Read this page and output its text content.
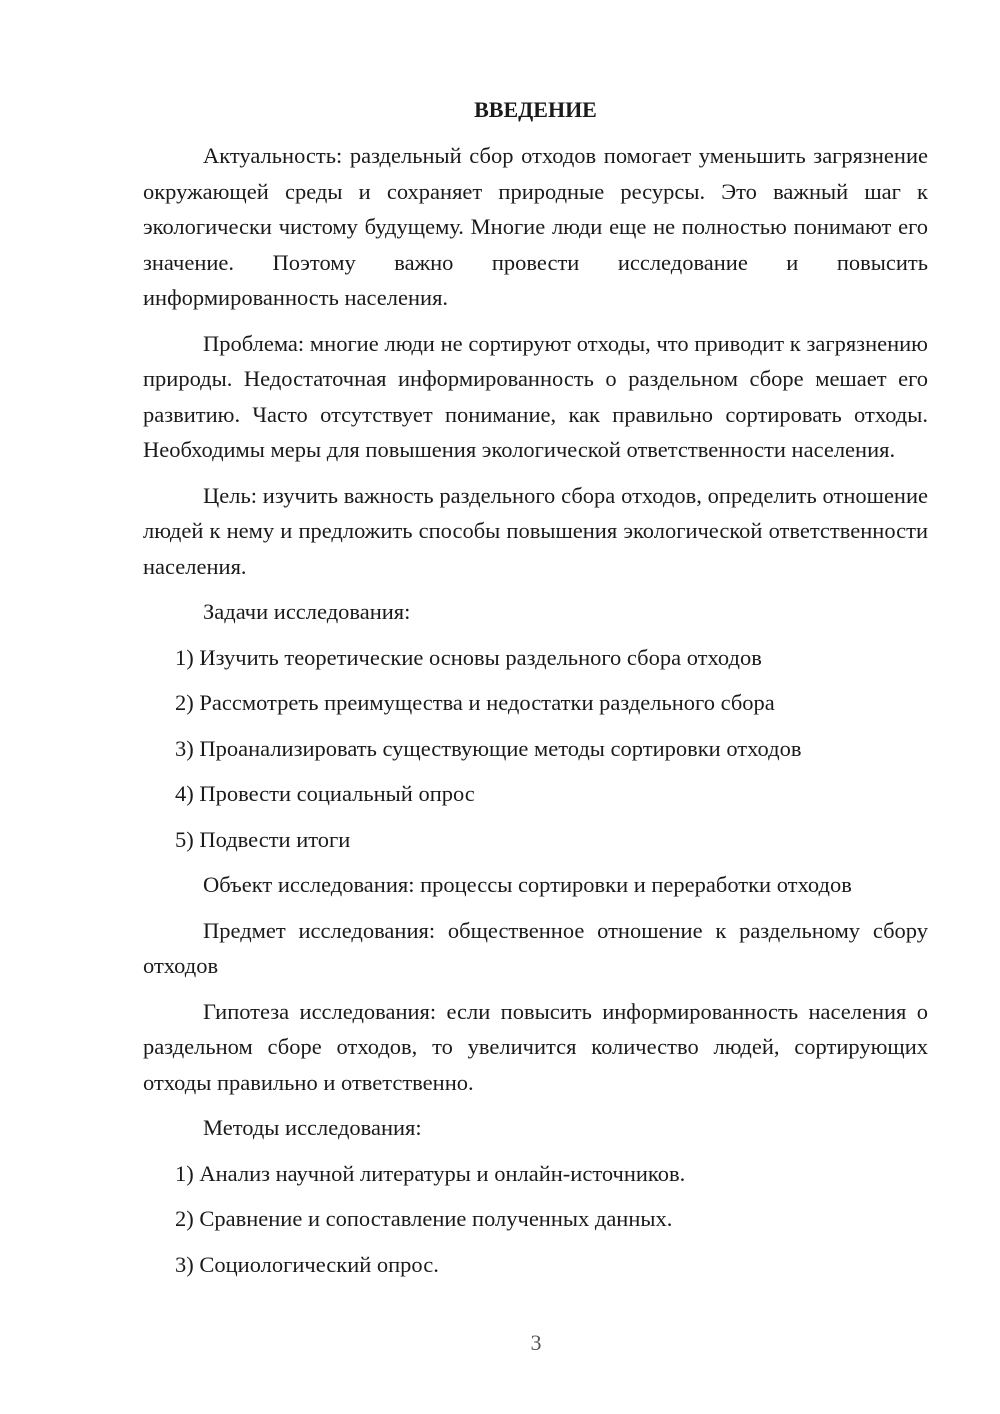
ВВЕДЕНИЕ
Актуальность: раздельный сбор отходов помогает уменьшить загрязнение окружающей среды и сохраняет природные ресурсы. Это важный шаг к экологически чистому будущему. Многие люди еще не полностью понимают его значение. Поэтому важно провести исследование и повысить информированность населения.
Проблема: многие люди не сортируют отходы, что приводит к загрязнению природы. Недостаточная информированность о раздельном сборе мешает его развитию. Часто отсутствует понимание, как правильно сортировать отходы. Необходимы меры для повышения экологической ответственности населения.
Цель: изучить важность раздельного сбора отходов, определить отношение людей к нему и предложить способы повышения экологической ответственности населения.
Задачи исследования:
1) Изучить теоретические основы раздельного сбора отходов
2) Рассмотреть преимущества и недостатки раздельного сбора
3) Проанализировать существующие методы сортировки отходов
4) Провести социальный опрос
5) Подвести итоги
Объект исследования: процессы сортировки и переработки отходов
Предмет исследования: общественное отношение к раздельному сбору отходов
Гипотеза исследования: если повысить информированность населения о раздельном сборе отходов, то увеличится количество людей, сортирующих отходы правильно и ответственно.
Методы исследования:
1) Анализ научной литературы и онлайн-источников.
2) Сравнение и сопоставление полученных данных.
3) Социологический опрос.
3
